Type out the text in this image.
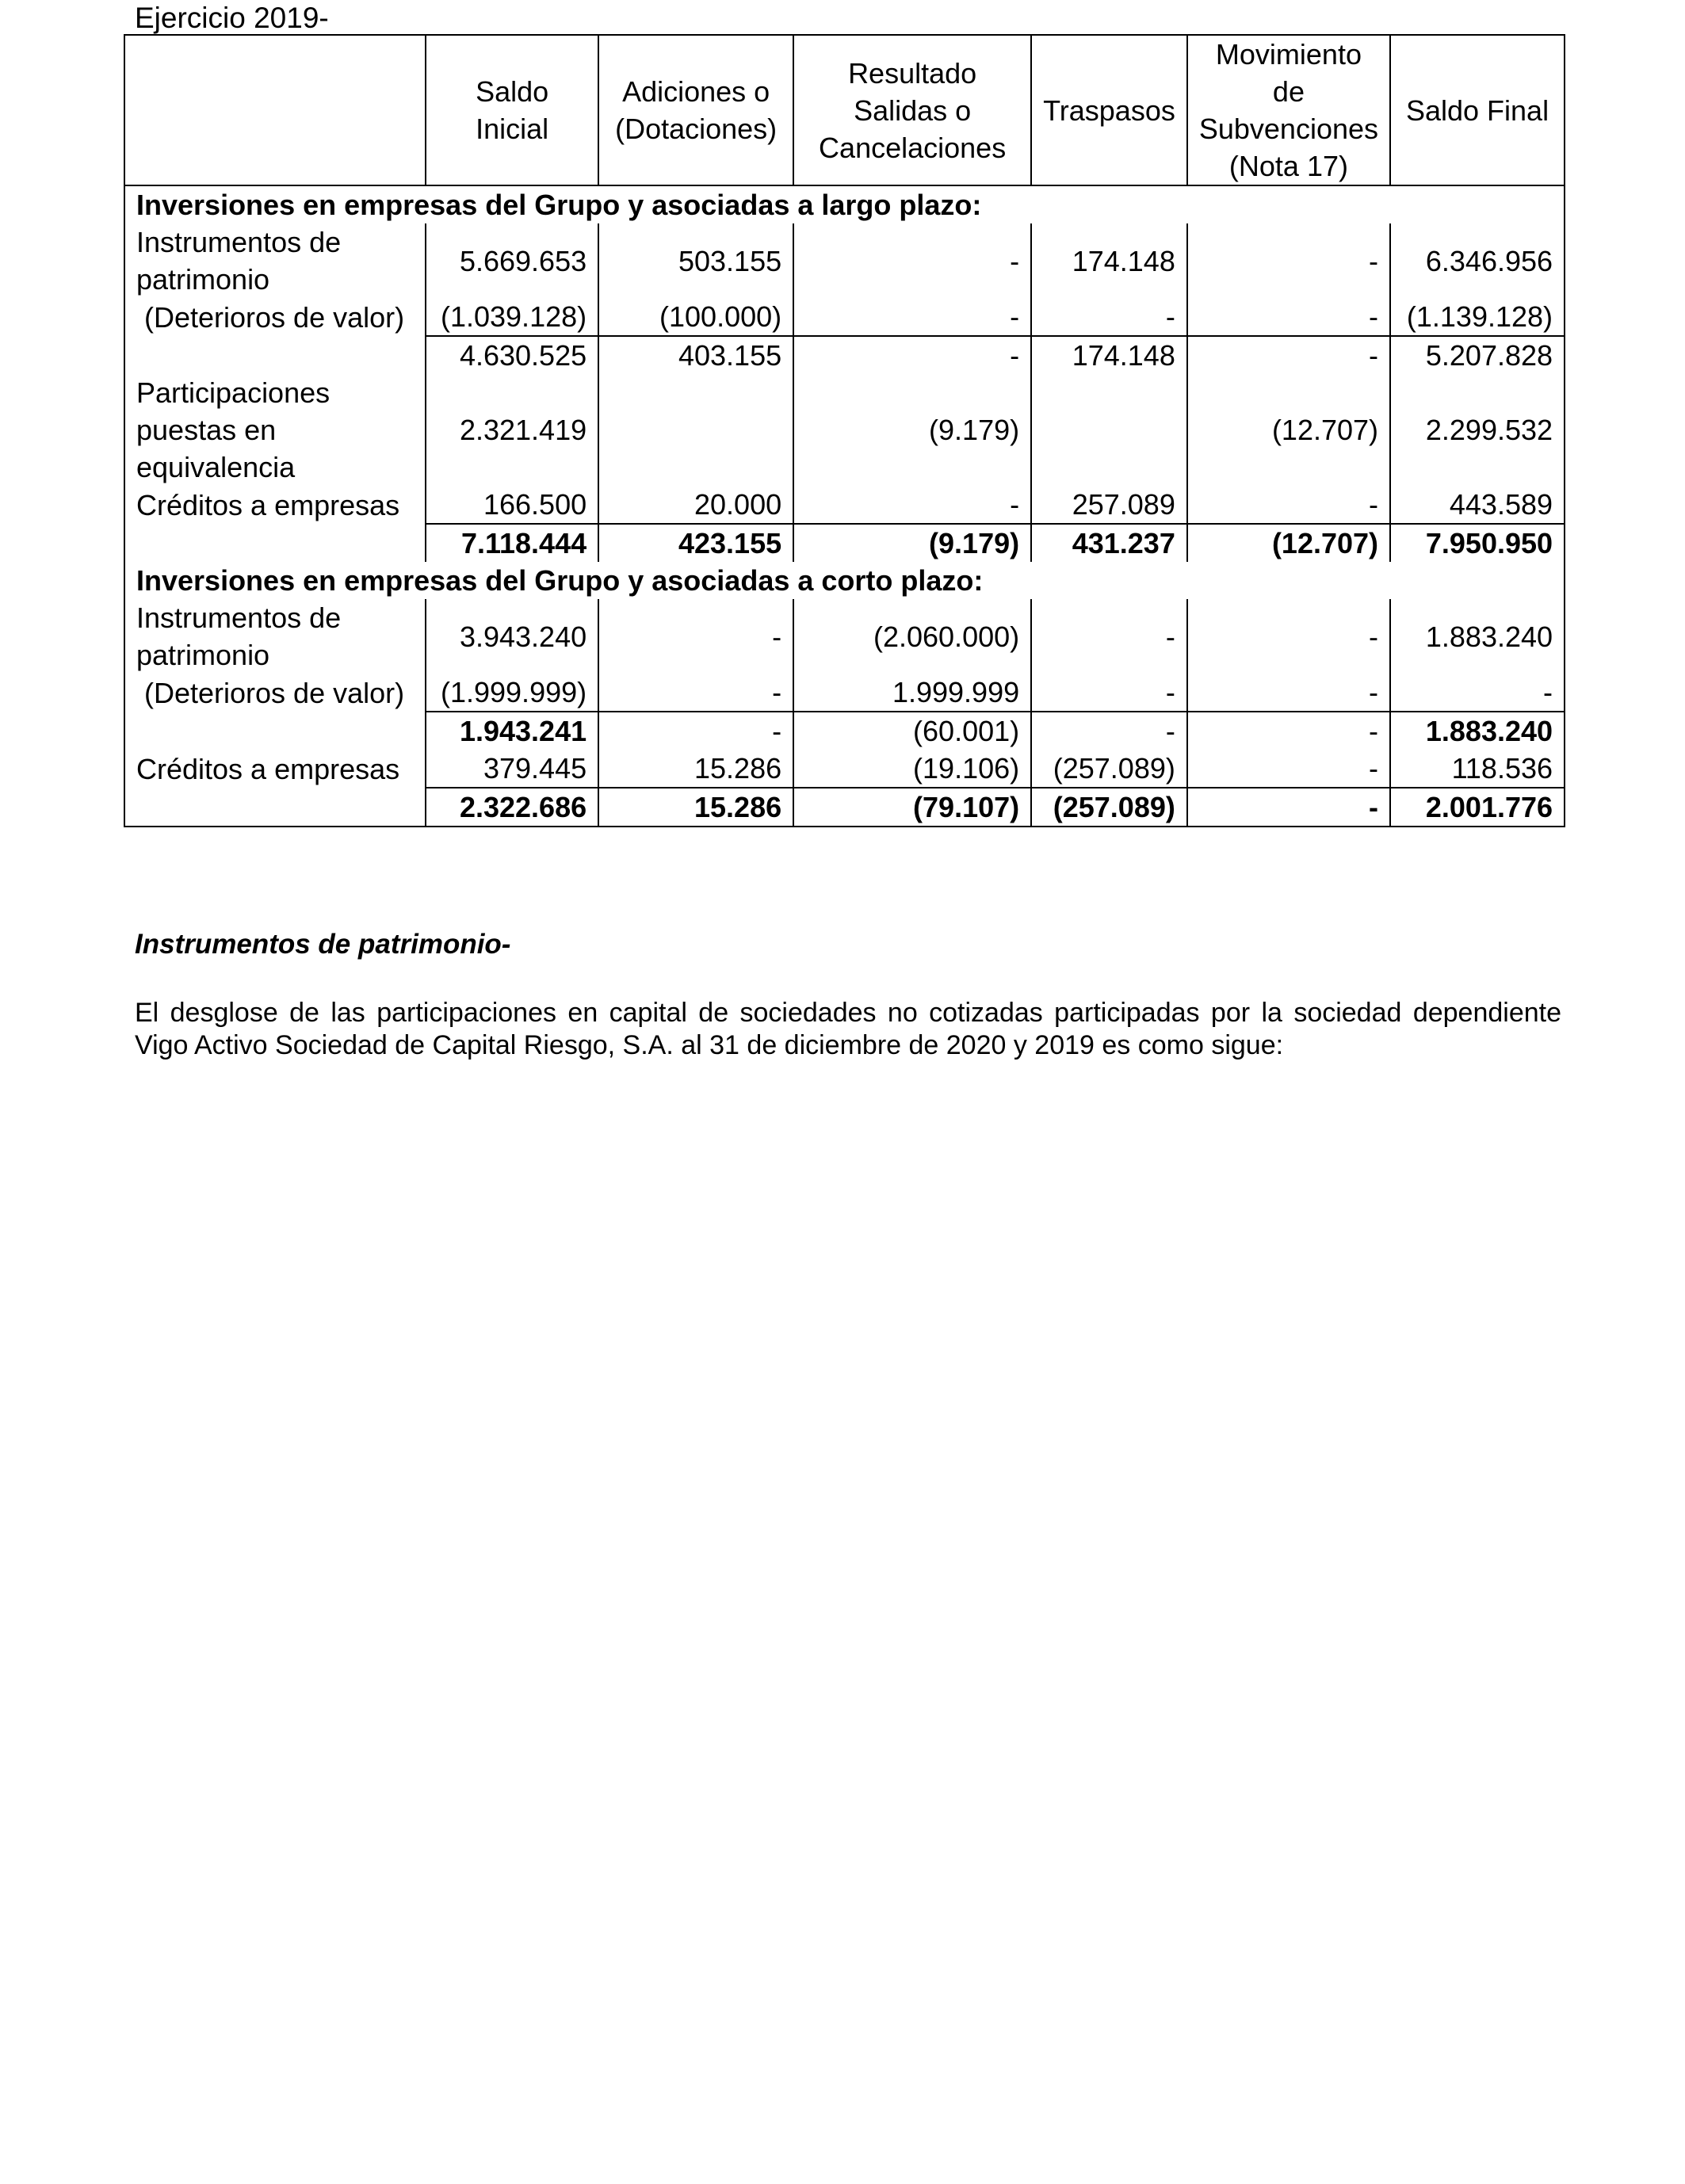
Ejercicio 2019-
	Saldo Inicial	Adiciones o (Dotaciones)	Resultado Salidas o Cancelaciones	Traspasos	Movimiento de Subvenciones (Nota 17)	Saldo Final
Inversiones en empresas del Grupo y asociadas a largo plazo:						
Instrumentos de patrimonio	5.669.653	503.155	-	174.148	-	6.346.956
(Deterioros de valor)	(1.039.128)	(100.000)	-	-	-	(1.139.128)
	4.630.525	403.155	-	174.148	-	5.207.828
Participaciones puestas en equivalencia	2.321.419		(9.179)		(12.707)	2.299.532
Créditos a empresas	166.500	20.000	-	257.089	-	443.589
	7.118.444	423.155	(9.179)	431.237	(12.707)	7.950.950
Inversiones en empresas del Grupo y asociadas a corto plazo:						
Instrumentos de patrimonio	3.943.240	-	(2.060.000)	-	-	1.883.240
(Deterioros de valor)	(1.999.999)	-	1.999.999	-	-	-
	1.943.241	-	(60.001)	-	-	1.883.240
Créditos a empresas	379.445	15.286	(19.106)	(257.089)	-	118.536
	2.322.686	15.286	(79.107)	(257.089)	-	2.001.776
Instrumentos de patrimonio-
El desglose de las participaciones en capital de sociedades no cotizadas participadas por la sociedad dependiente Vigo Activo Sociedad de Capital Riesgo, S.A. al 31 de diciembre de 2020 y 2019 es como sigue:
